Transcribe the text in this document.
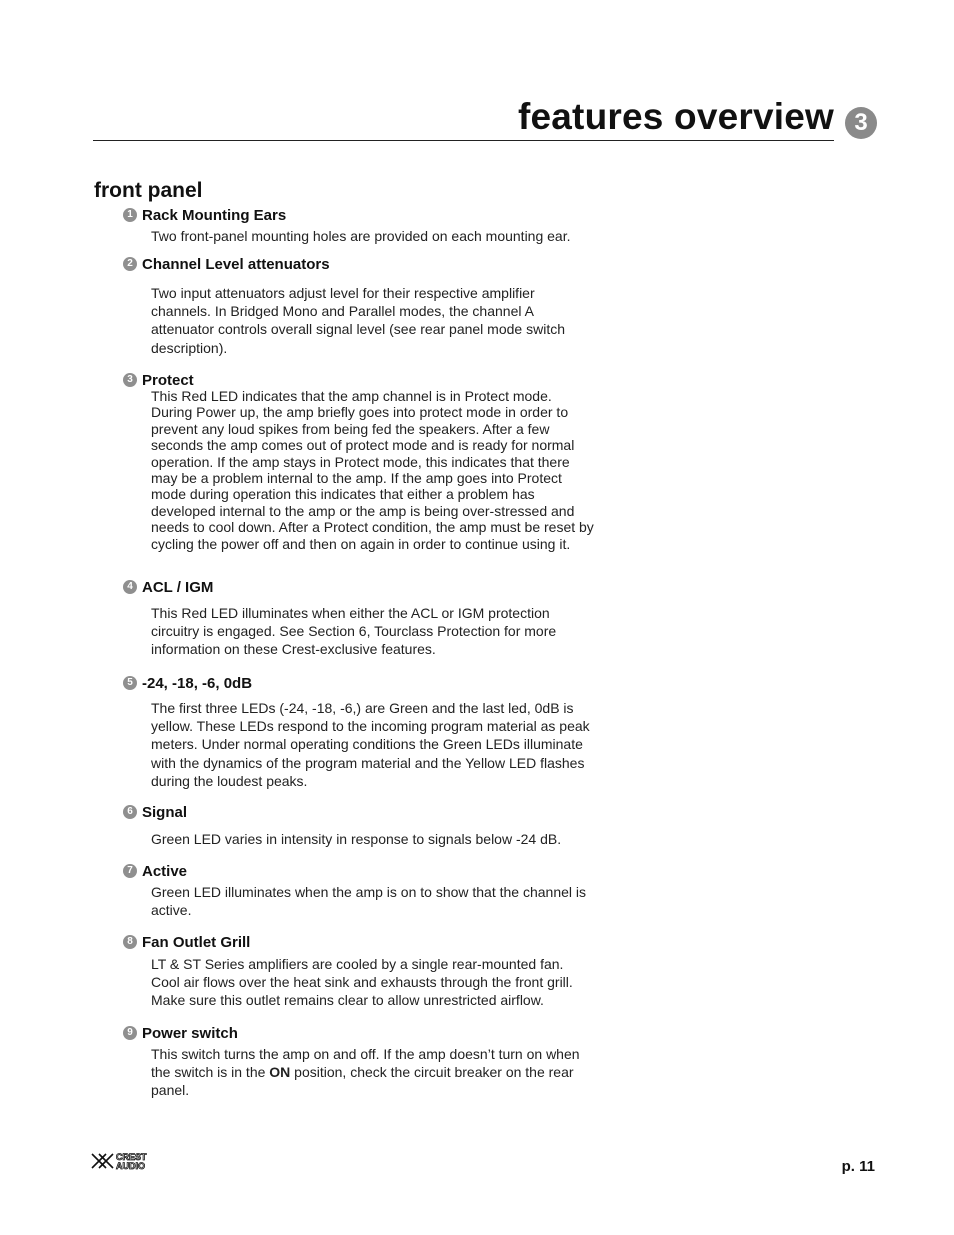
features overview 3
front panel
1 Rack Mounting Ears
Two front-panel mounting holes are provided on each mounting ear.
2 Channel Level attenuators
Two input attenuators adjust level for their respective amplifier channels. In Bridged Mono and Parallel modes, the channel A attenuator controls overall signal level (see rear panel mode switch description).
3 Protect
This Red LED indicates that the amp channel is in Protect mode. During Power up, the amp briefly goes into protect mode in order to prevent any loud spikes from being fed the speakers. After a few seconds the amp comes out of protect mode and is ready for normal operation. If the amp stays in Protect mode, this indicates that there may be a problem internal to the amp. If the amp goes into Protect mode during operation this indicates that either a problem has developed internal to the amp or the amp is being over-stressed and needs to cool down. After a Protect condition, the amp must be reset by cycling the power off and then on again in order to continue using it.
4 ACL / IGM
This Red LED illuminates when either the ACL or IGM protection circuitry is engaged. See Section 6, Tourclass Protection for more information on these Crest-exclusive features.
5 -24, -18, -6, 0dB
The first three LEDs (-24, -18, -6,) are Green and the last led, 0dB is yellow. These LEDs respond to the incoming program material as peak meters. Under normal operating conditions the Green LEDs illuminate with the dynamics of the program material and the Yellow LED flashes during the loudest peaks.
6 Signal
Green LED varies in intensity in response to signals below -24 dB.
7 Active
Green LED illuminates when the amp is on to show that the channel is active.
8 Fan Outlet Grill
LT & ST Series amplifiers are cooled by a single rear-mounted fan. Cool air flows over the heat sink and exhausts through the front grill. Make sure this outlet remains clear to allow unrestricted airflow.
9 Power switch
This switch turns the amp on and off. If the amp doesn’t turn on when the switch is in the ON position, check the circuit breaker on the rear panel.
CREST
AUDIO	p. 11
